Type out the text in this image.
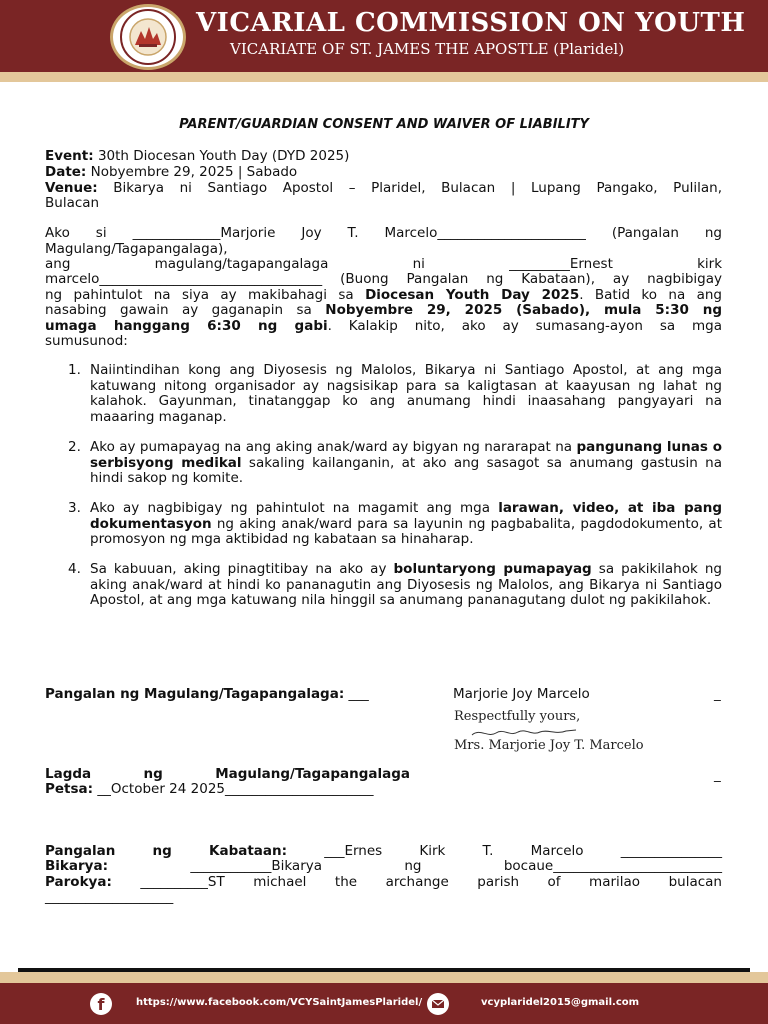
VICARIAL COMMISSION ON YOUTH
VICARIATE OF ST. JAMES THE APOSTLE (Plaridel)
PARENT/GUARDIAN CONSENT AND WAIVER OF LIABILITY
Event: 30th Diocesan Youth Day (DYD 2025)
Date: Nobyembre 29, 2025 | Sabado
Venue: Bikarya ni Santiago Apostol – Plaridel, Bulacan | Lupang Pangako, Pulilan,
Bulacan
Ako si _____________Marjorie Joy T. Marcelo______________________ (Pangalan ng
Magulang/Tagapangalaga),
ang	magulang/tagapangalaga	ni	_________Ernest	kirk
marcelo_________________________________ (Buong Pangalan ng Kabataan), ay nagbibigay
ng pahintulot na siya ay makibahagi sa Diocesan Youth Day 2025. Batid ko na ang
nasabing gawain ay gaganapin sa Nobyembre 29, 2025 (Sabado), mula 5:30 ng
umaga hanggang 6:30 ng gabi. Kalakip nito, ako ay sumasang-ayon sa mga
sumusunod:
1. Naiintindihan kong ang Diyosesis ng Malolos, Bikarya ni Santiago Apostol, at ang mga katuwang nitong organisador ay nagsisikap para sa kaligtasan at kaayusan ng lahat ng kalahok. Gayunman, tinatanggap ko ang anumang hindi inaasahang pangyayari na maaaring maganap.
2. Ako ay pumapayag na ang aking anak/ward ay bigyan ng nararapat na pangunang lunas o serbisyong medikal sakaling kailanganin, at ako ang sasagot sa anumang gastusin na hindi sakop ng komite.
3. Ako ay nagbibigay ng pahintulot na magamit ang mga larawan, video, at iba pang dokumentasyon ng aking anak/ward para sa layunin ng pagbabalita, pagdodokumento, at promosyon ng mga aktibidad ng kabataan sa hinaharap.
4. Sa kabuuan, aking pinagtitibay na ako ay boluntaryong pumapayag sa pakikilahok ng aking anak/ward at hindi ko pananagutin ang Diyosesis ng Malolos, ang Bikarya ni Santiago Apostol, at ang mga katuwang nila hinggil sa anumang pananagutang dulot ng pakikilahok.
Pangalan ng Magulang/Tagapangalaga: ___	Marjorie Joy Marcelo	_
Respectfully yours,
Mrs. Marjorie Joy T. Marcelo
Lagda	ng	Magulang/Tagapangalaga	_
Petsa: __October 24 2025______________________
Pangalan	ng	Kabataan:	___Ernes	Kirk	T.	Marcelo	_______________
Bikarya:	____________Bikarya	ng	bocaue_________________________
Parokya: __________ST michael the archange parish of marilao bulacan
___________________
f	https://www.facebook.com/VCYSaintJamesPlaridel/	vcyplaridel2015@gmail.com
